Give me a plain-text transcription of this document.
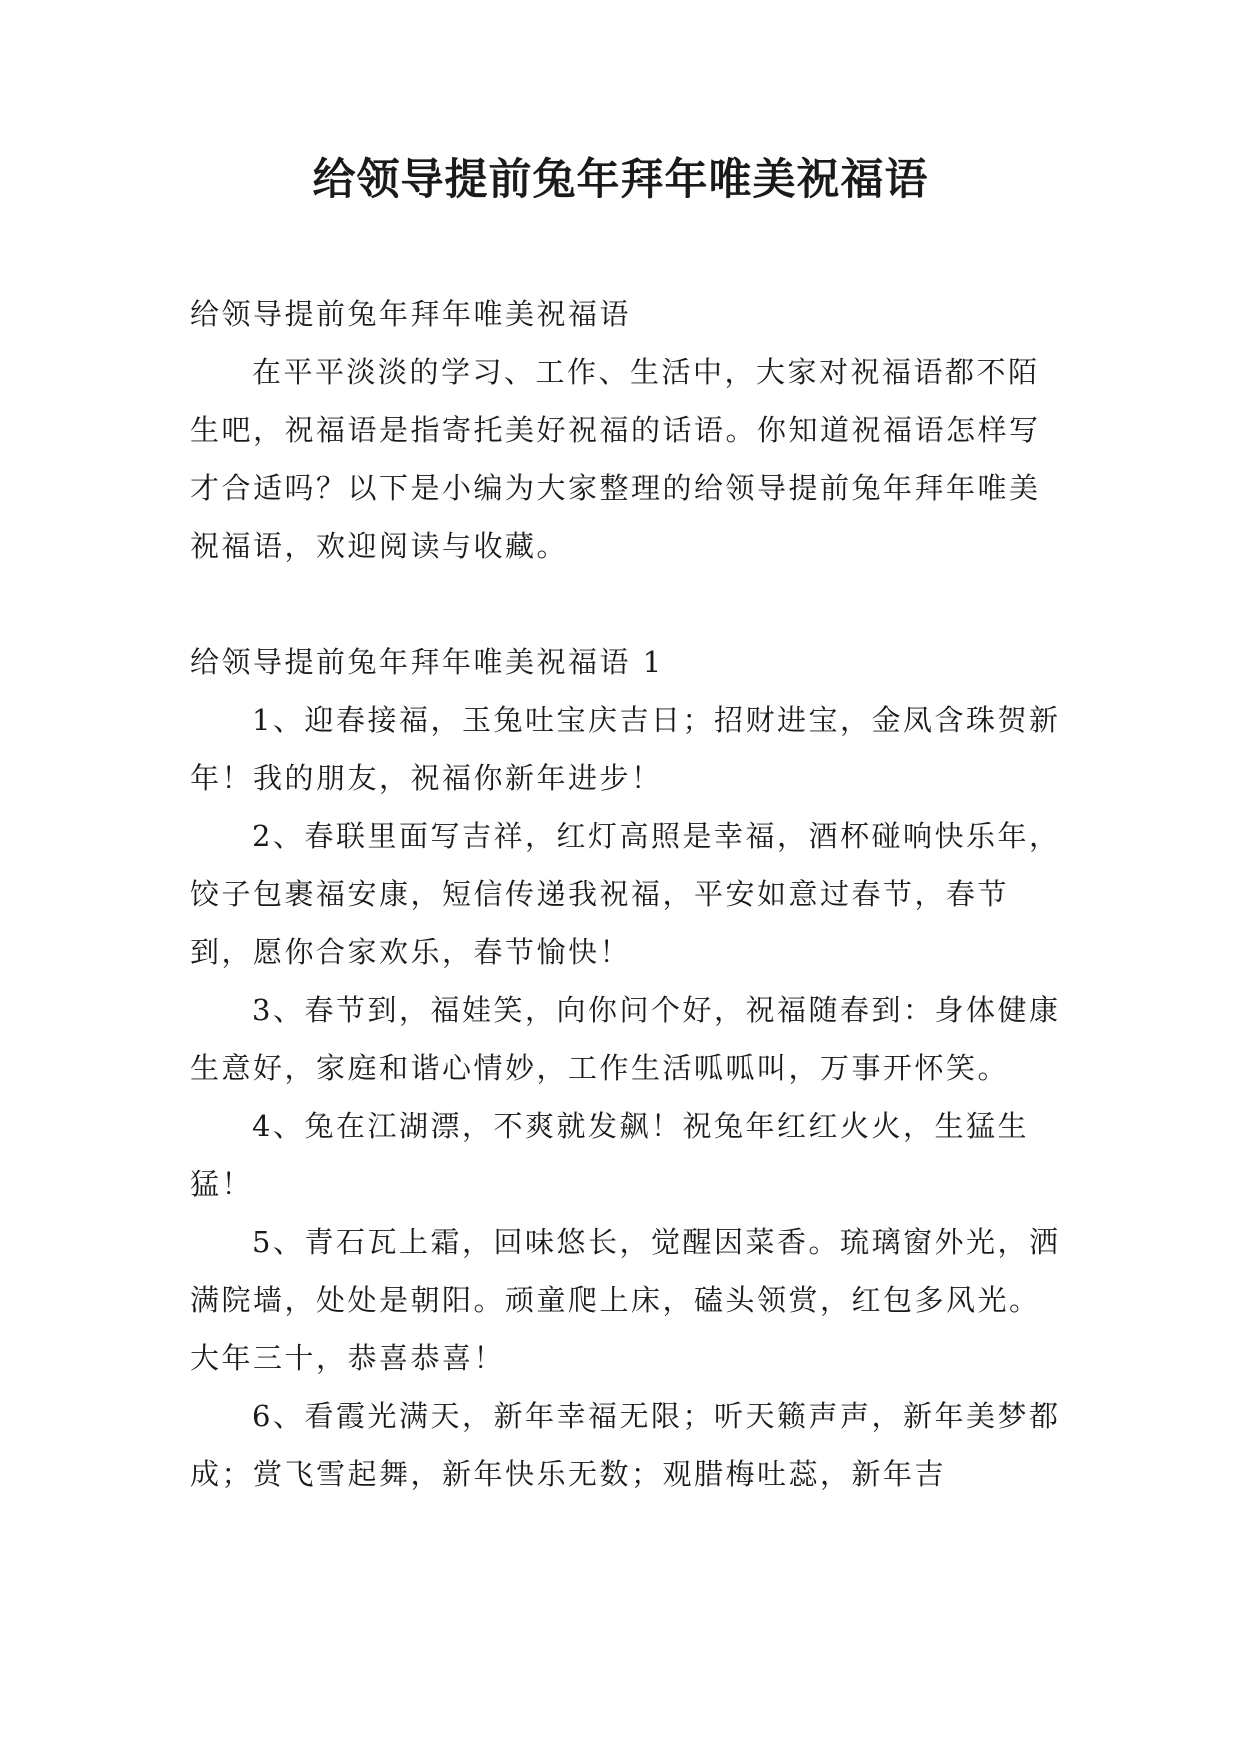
给领导提前兔年拜年唯美祝福语

给领导提前兔年拜年唯美祝福语

在平平淡淡的学习、工作、生活中，大家对祝福语都不陌生吧，祝福语是指寄托美好祝福的话语。你知道祝福语怎样写才合适吗？以下是小编为大家整理的给领导提前兔年拜年唯美祝福语，欢迎阅读与收藏。

给领导提前兔年拜年唯美祝福语 1

1、迎春接福，玉兔吐宝庆吉日；招财进宝，金凤含珠贺新年！我的朋友，祝福你新年进步！

2、春联里面写吉祥，红灯高照是幸福，酒杯碰响快乐年，饺子包裹福安康，短信传递我祝福，平安如意过春节，春节到，愿你合家欢乐，春节愉快！

3、春节到，福娃笑，向你问个好，祝福随春到：身体健康生意好，家庭和谐心情妙，工作生活呱呱叫，万事开怀笑。

4、兔在江湖漂，不爽就发飙！祝兔年红红火火，生猛生猛！

5、青石瓦上霜，回味悠长，觉醒因菜香。琉璃窗外光，洒满院墙，处处是朝阳。顽童爬上床，磕头领赏，红包多风光。大年三十，恭喜恭喜！

6、看霞光满天，新年幸福无限；听天籁声声，新年美梦都成；赏飞雪起舞，新年快乐无数；观腊梅吐蕊，新年吉
